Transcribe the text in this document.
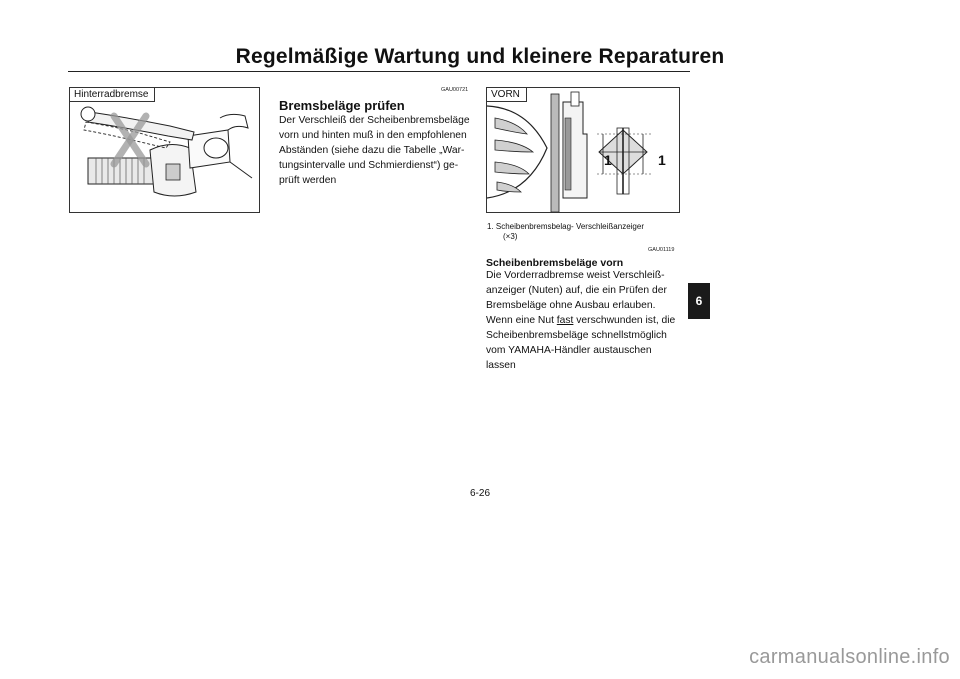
Regelmäßige Wartung und kleinere Reparaturen
Hinterradbremse	GAU00721
Bremsbeläge prüfen
Der Verschleiß der Scheibenbremsbeläge
vorn und hinten muß in den empfohlenen
Abständen (siehe dazu die Tabelle „War-
tungsintervalle und Schmierdienst“) ge-
prüft werden
VORN
1	1
1. Scheibenbremsbelag- Verschleißanzeiger
(×3)
GAU01119
Scheibenbremsbeläge vorn
Die Vorderradbremse weist Verschleiß-
anzeiger (Nuten) auf, die ein Prüfen der
Bremsbeläge ohne Ausbau erlauben.
Wenn eine Nut fast verschwunden ist, die
Scheibenbremsbeläge schnellstmöglich
vom YAMAHA-Händler austauschen
lassen
6-26
6
carmanualsonline.info
